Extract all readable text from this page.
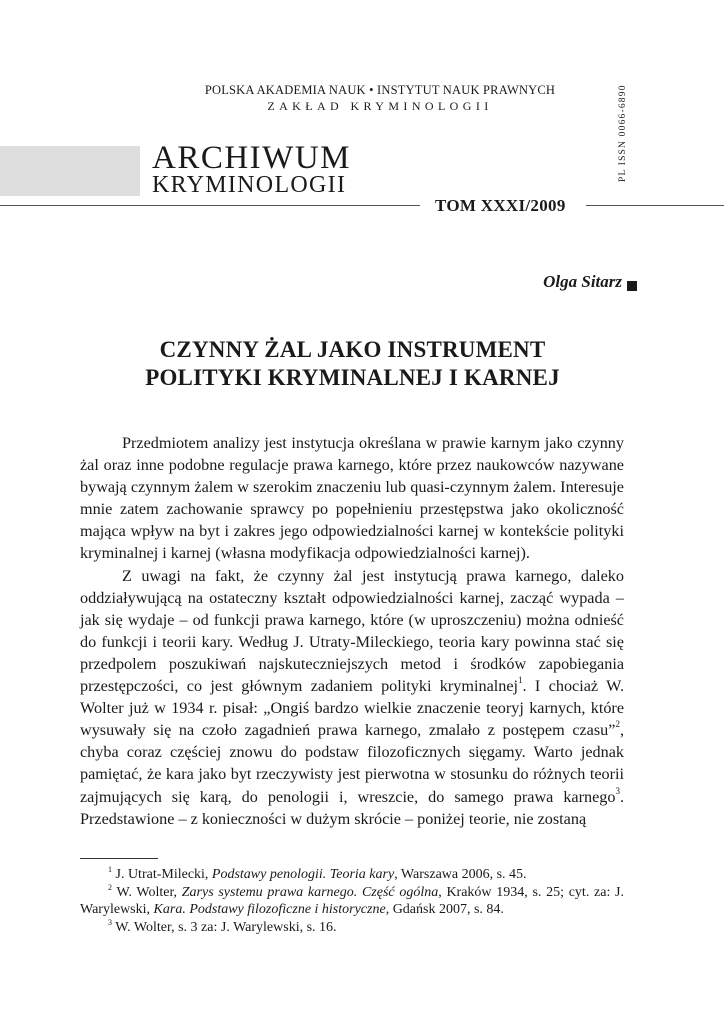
POLSKA AKADEMIA NAUK • INSTYTUT NAUK PRAWNYCH
ZAKŁAD KRYMINOLOGII	PL ISSN 0066-6890
ARCHIWUM
KRYMINOLOGII
TOM XXXI/2009
Olga Sitarz
CZYNNY ŻAL JAKO INSTRUMENT
POLITYKI KRYMINALNEJ I KARNEJ

Przedmiotem analizy jest instytucja określana w prawie karnym jako czynny żal oraz inne podobne regulacje prawa karnego, które przez naukowców nazywane bywają czynnym żalem w szerokim znaczeniu lub quasi-czynnym żalem. Interesuje mnie zatem zachowanie sprawcy po popełnieniu przestępstwa jako okoliczność mająca wpływ na byt i zakres jego odpowiedzialności karnej w kontekście polityki kryminalnej i karnej (własna modyfikacja odpowiedzialności karnej).

Z uwagi na fakt, że czynny żal jest instytucją prawa karnego, daleko oddziaływującą na ostateczny kształt odpowiedzialności karnej, zacząć wypada – jak się wydaje – od funkcji prawa karnego, które (w uproszczeniu) można odnieść do funkcji i teorii kary. Według J. Utraty-Mileckiego, teoria kary powinna stać się przedpolem poszukiwań najskuteczniejszych metod i środków zapobiegania przestępczości, co jest głównym zadaniem polityki kryminalnej$^1$. I chociaż W. Wolter już w 1934 r. pisał: „Ongiś bardzo wielkie znaczenie teoryj karnych, które wysuwały się na czoło zagadnień prawa karnego, zmalało z postępem czasu”$^2$, chyba coraz częściej znowu do podstaw filozoficznych sięgamy. Warto jednak pamiętać, że kara jako byt rzeczywisty jest pierwotna w stosunku do różnych teorii zajmujących się karą, do penologii i, wreszcie, do samego prawa karnego$^3$. Przedstawione – z konieczności w dużym skrócie – poniżej teorie, nie zostaną

$^1$ J. Utrat-Milecki, Podstawy penologii. Teoria kary, Warszawa 2006, s. 45.

$^2$ W. Wolter, Zarys systemu prawa karnego. Część ogólna, Kraków 1934, s. 25; cyt. za: J. Warylewski, Kara. Podstawy filozoficzne i historyczne, Gdańsk 2007, s. 84.

$^3$ W. Wolter, s. 3 za: J. Warylewski, s. 16.
